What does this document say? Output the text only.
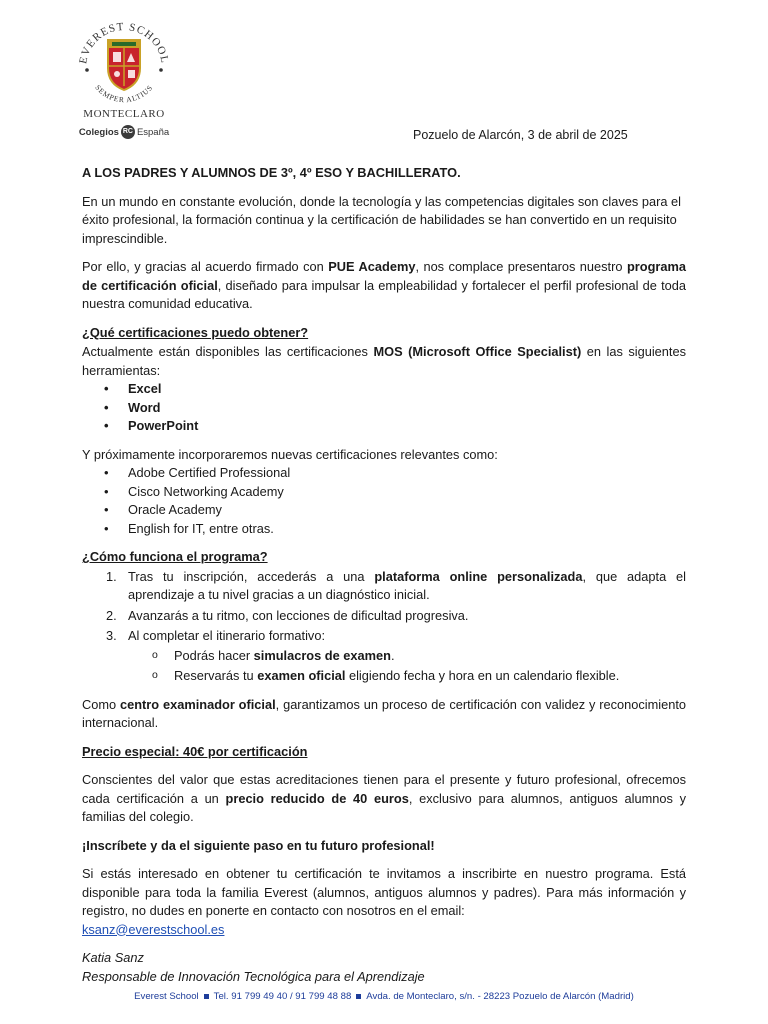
EVEREST SCHOOL
SEMPER ALTIUS
MONTECLARO
Colegios RC España	Pozuelo de Alarcón, 3 de abril de 2025
A LOS PADRES Y ALUMNOS DE 3º, 4º ESO Y BACHILLERATO.

En un mundo en constante evolución, donde la tecnología y las competencias digitales son claves para el éxito profesional, la formación continua y la certificación de habilidades se han convertido en un requisito imprescindible.

Por ello, y gracias al acuerdo firmado con PUE Academy, nos complace presentaros nuestro programa de certificación oficial, diseñado para impulsar la empleabilidad y fortalecer el perfil profesional de toda nuestra comunidad educativa.

¿Qué certificaciones puedo obtener?

Actualmente están disponibles las certificaciones MOS (Microsoft Office Specialist) en las siguientes herramientas:

• Excel
• Word
• PowerPoint

Y próximamente incorporaremos nuevas certificaciones relevantes como:

• Adobe Certified Professional
• Cisco Networking Academy
• Oracle Academy
• English for IT, entre otras.
¿Cómo funciona el programa?
1. Tras tu inscripción, accederás a una plataforma online personalizada, que adapta el aprendizaje a tu nivel gracias a un diagnóstico inicial.
2. Avanzarás a tu ritmo, con lecciones de dificultad progresiva.
3. Al completar el itinerario formativo:
o Podrás hacer simulacros de examen.
o Reservarás tu examen oficial eligiendo fecha y hora en un calendario flexible.

Como centro examinador oficial, garantizamos un proceso de certificación con validez y reconocimiento internacional.

Precio especial: 40€ por certificación

Conscientes del valor que estas acreditaciones tienen para el presente y futuro profesional, ofrecemos cada certificación a un precio reducido de 40 euros, exclusivo para alumnos, antiguos alumnos y familias del colegio.

¡Inscríbete y da el siguiente paso en tu futuro profesional!

Si estás interesado en obtener tu certificación te invitamos a inscribirte en nuestro programa. Está disponible para toda la familia Everest (alumnos, antiguos alumnos y padres). Para más información y registro, no dudes en ponerte en contacto con nosotros en el email:

ksanz@everestschool.es
Katia Sanz
Responsable de Innovación Tecnológica para el Aprendizaje
Everest School Tel. 91 799 49 40 / 91 799 48 88 Avda. de Monteclaro, s/n. - 28223 Pozuelo de Alarcón (Madrid)
